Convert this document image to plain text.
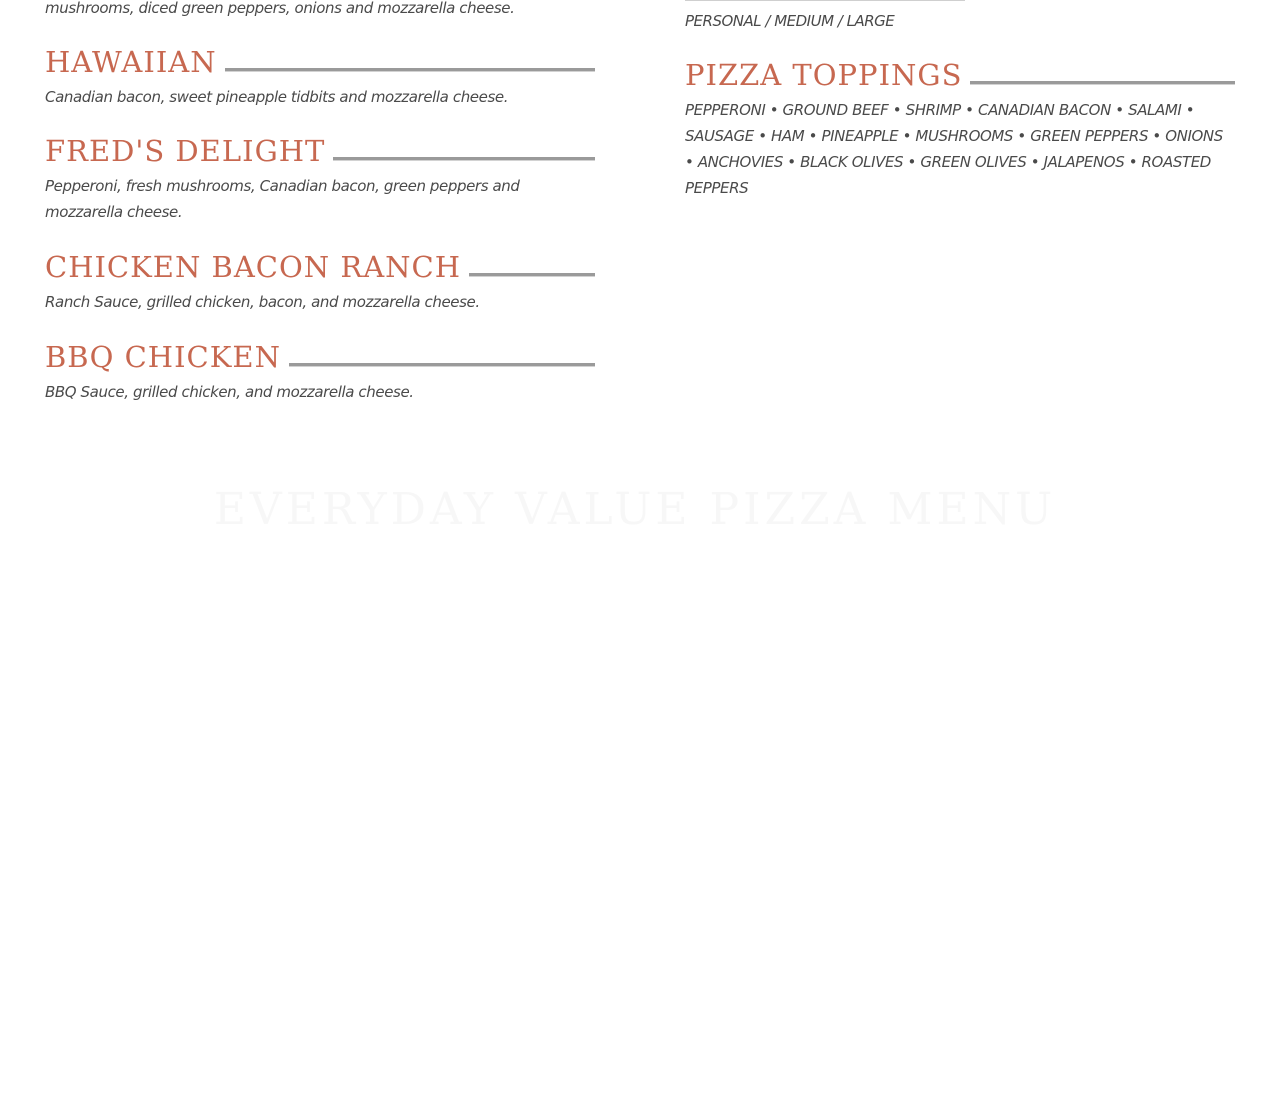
mushrooms, diced green peppers, onions and mozzarella cheese.
HAWAIIAN
Canadian bacon, sweet pineapple tidbits and mozzarella cheese.
FRED'S DELIGHT
Pepperoni, fresh mushrooms, Canadian bacon, green peppers and mozzarella cheese.
CHICKEN BACON RANCH
Ranch Sauce, grilled chicken, bacon, and mozzarella cheese.
BBQ CHICKEN
BBQ Sauce, grilled chicken, and mozzarella cheese.
PERSONAL / MEDIUM / LARGE
PIZZA TOPPINGS
PEPPERONI • GROUND BEEF • SHRIMP • CANADIAN BACON • SALAMI • SAUSAGE • HAM • PINEAPPLE • MUSHROOMS • GREEN PEPPERS • ONIONS • ANCHOVIES • BLACK OLIVES • GREEN OLIVES • JALAPENOS • ROASTED PEPPERS
EVERYDAY VALUE PIZZA MENU
